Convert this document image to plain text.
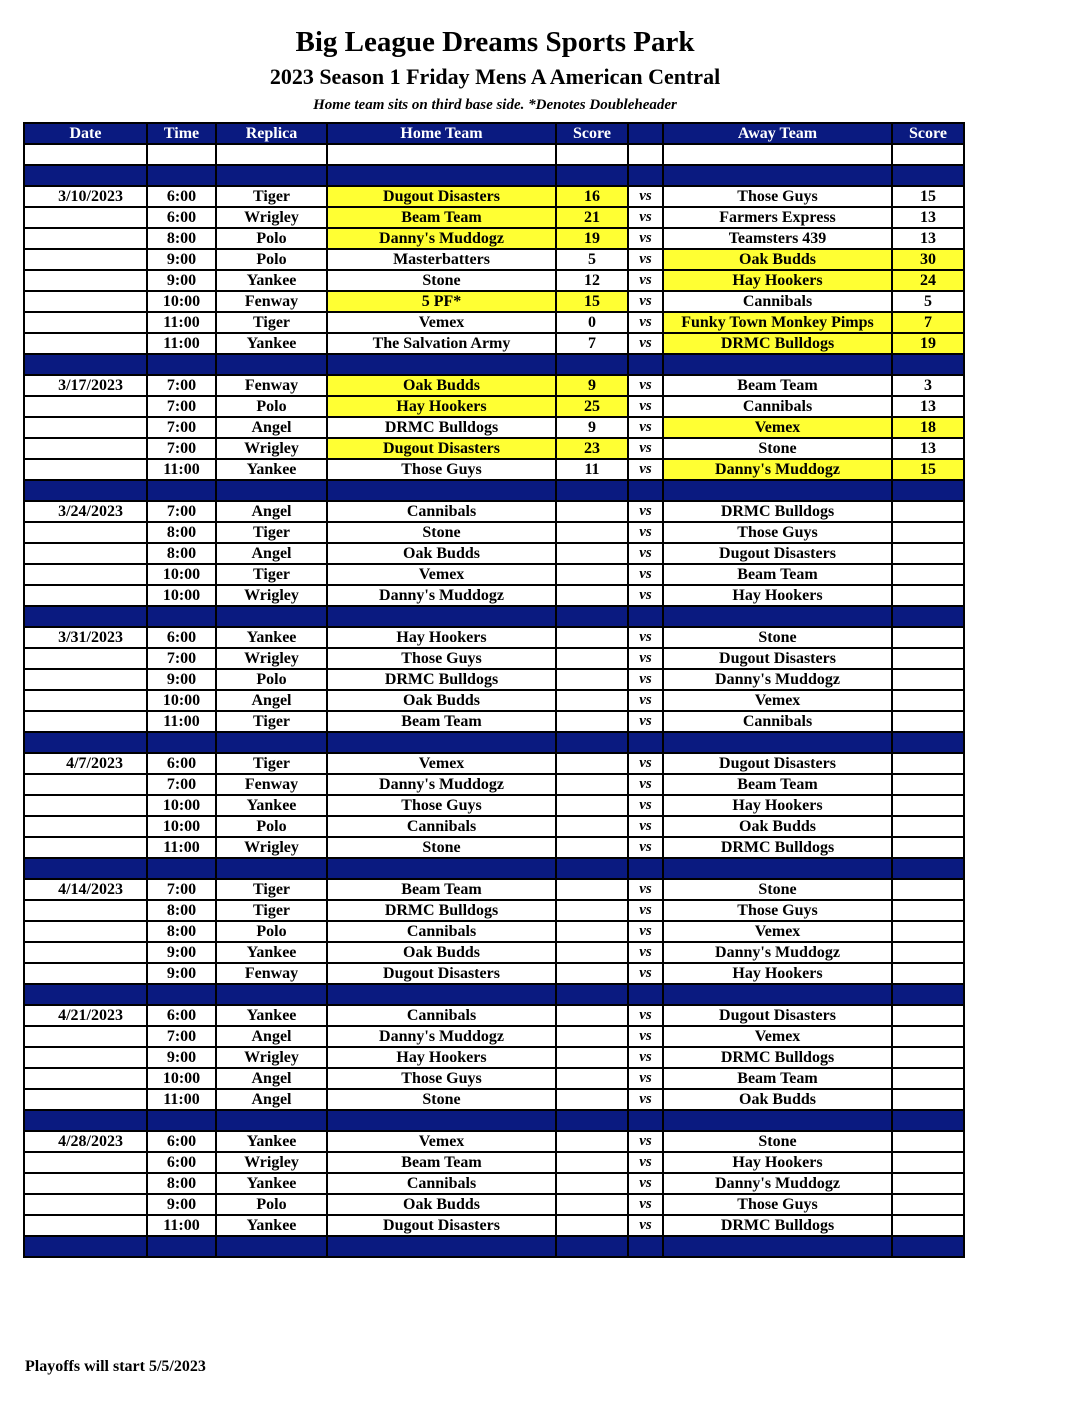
Big League Dreams Sports Park
2023 Season 1 Friday Mens A American Central
Home team sits on third base side. *Denotes Doubleheader
Date	Time	Replica	Home Team	Score		Away Team	Score

3/10/2023	6:00	Tiger	Dugout Disasters	16	vs	Those Guys	15
	6:00	Wrigley	Beam Team	21	vs	Farmers Express	13
	8:00	Polo	Danny's Muddogz	19	vs	Teamsters 439	13
	9:00	Polo	Masterbatters	5	vs	Oak Budds	30
	9:00	Yankee	Stone	12	vs	Hay Hookers	24
	10:00	Fenway	5 PF*	15	vs	Cannibals	5
	11:00	Tiger	Vemex	0	vs	Funky Town Monkey Pimps	7
	11:00	Yankee	The Salvation Army	7	vs	DRMC Bulldogs	19

3/17/2023	7:00	Fenway	Oak Budds	9	vs	Beam Team	3
	7:00	Polo	Hay Hookers	25	vs	Cannibals	13
	7:00	Angel	DRMC Bulldogs	9	vs	Vemex	18
	7:00	Wrigley	Dugout Disasters	23	vs	Stone	13
	11:00	Yankee	Those Guys	11	vs	Danny's Muddogz	15

3/24/2023	7:00	Angel	Cannibals		vs	DRMC Bulldogs	
	8:00	Tiger	Stone		vs	Those Guys	
	8:00	Angel	Oak Budds		vs	Dugout Disasters	
	10:00	Tiger	Vemex		vs	Beam Team	
	10:00	Wrigley	Danny's Muddogz		vs	Hay Hookers	

3/31/2023	6:00	Yankee	Hay Hookers		vs	Stone	
	7:00	Wrigley	Those Guys		vs	Dugout Disasters	
	9:00	Polo	DRMC Bulldogs		vs	Danny's Muddogz	
	10:00	Angel	Oak Budds		vs	Vemex	
	11:00	Tiger	Beam Team		vs	Cannibals	

4/7/2023	6:00	Tiger	Vemex		vs	Dugout Disasters	
	7:00	Fenway	Danny's Muddogz		vs	Beam Team	
	10:00	Yankee	Those Guys		vs	Hay Hookers	
	10:00	Polo	Cannibals		vs	Oak Budds	
	11:00	Wrigley	Stone		vs	DRMC Bulldogs	

4/14/2023	7:00	Tiger	Beam Team		vs	Stone	
	8:00	Tiger	DRMC Bulldogs		vs	Those Guys	
	8:00	Polo	Cannibals		vs	Vemex	
	9:00	Yankee	Oak Budds		vs	Danny's Muddogz	
	9:00	Fenway	Dugout Disasters		vs	Hay Hookers	

4/21/2023	6:00	Yankee	Cannibals		vs	Dugout Disasters	
	7:00	Angel	Danny's Muddogz		vs	Vemex	
	9:00	Wrigley	Hay Hookers		vs	DRMC Bulldogs	
	10:00	Angel	Those Guys		vs	Beam Team	
	11:00	Angel	Stone		vs	Oak Budds	

4/28/2023	6:00	Yankee	Vemex		vs	Stone	
	6:00	Wrigley	Beam Team		vs	Hay Hookers	
	8:00	Yankee	Cannibals		vs	Danny's Muddogz	
	9:00	Polo	Oak Budds		vs	Those Guys	
	11:00	Yankee	Dugout Disasters		vs	DRMC Bulldogs	

Playoffs will start 5/5/2023
